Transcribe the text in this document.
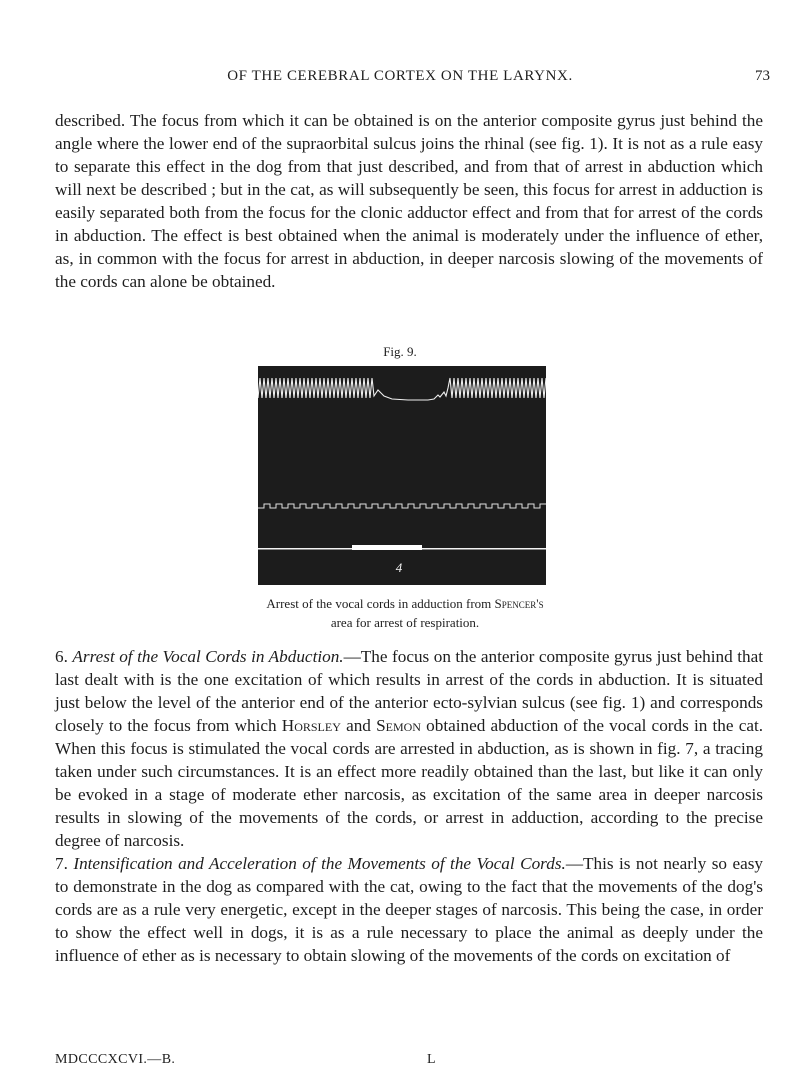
OF THE CEREBRAL CORTEX ON THE LARYNX.	73

described. The focus from which it can be obtained is on the anterior composite gyrus just behind the angle where the lower end of the supraorbital sulcus joins the rhinal (see fig. 1). It is not as a rule easy to separate this effect in the dog from that just described, and from that of arrest in abduction which will next be described ; but in the cat, as will subsequently be seen, this focus for arrest in adduction is easily separated both from the focus for the clonic adductor effect and from that for arrest of the cords in abduction. The effect is best obtained when the animal is moderately under the influence of ether, as, in common with the focus for arrest in abduction, in deeper narcosis slowing of the movements of the cords can alone be obtained.

Fig. 9.
4
Arrest of the vocal cords in adduction from Spencer's area for arrest of respiration.

6. Arrest of the Vocal Cords in Abduction.—The focus on the anterior composite gyrus just behind that last dealt with is the one excitation of which results in arrest of the cords in abduction. It is situated just below the level of the anterior end of the anterior ecto-sylvian sulcus (see fig. 1) and corresponds closely to the focus from which Horsley and Semon obtained abduction of the vocal cords in the cat. When this focus is stimulated the vocal cords are arrested in abduction, as is shown in fig. 7, a tracing taken under such circumstances. It is an effect more readily obtained than the last, but like it can only be evoked in a stage of moderate ether narcosis, as excitation of the same area in deeper narcosis results in slowing of the movements of the cords, or arrest in adduction, according to the precise degree of narcosis.

7. Intensification and Acceleration of the Movements of the Vocal Cords.—This is not nearly so easy to demonstrate in the dog as compared with the cat, owing to the fact that the movements of the dog's cords are as a rule very energetic, except in the deeper stages of narcosis. This being the case, in order to show the effect well in dogs, it is as a rule necessary to place the animal as deeply under the influence of ether as is necessary to obtain slowing of the movements of the cords on excitation of

MDCCCXCVI.—B.	L
